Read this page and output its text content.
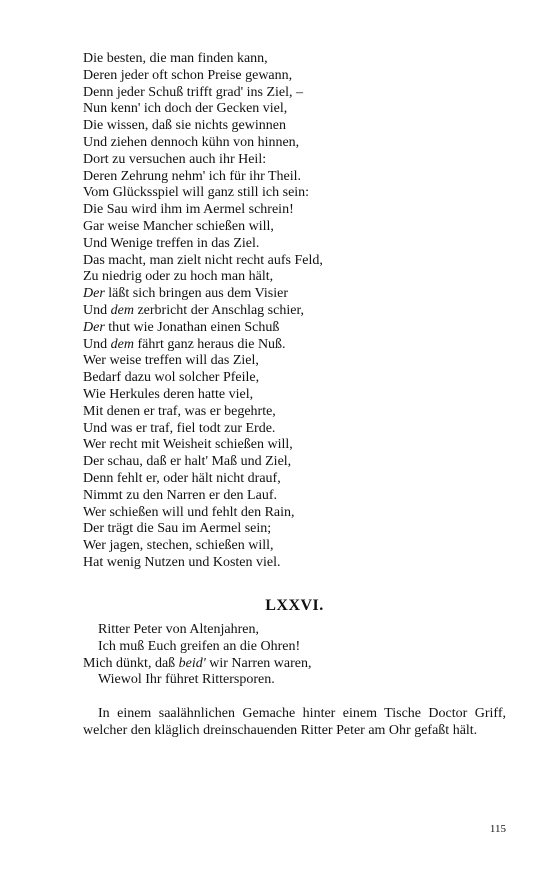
Die besten, die man finden kann,
Deren jeder oft schon Preise gewann,
Denn jeder Schuß trifft grad' ins Ziel, –
Nun kenn' ich doch der Gecken viel,
Die wissen, daß sie nichts gewinnen
Und ziehen dennoch kühn von hinnen,
Dort zu versuchen auch ihr Heil:
Deren Zehrung nehm' ich für ihr Theil.
Vom Glücksspiel will ganz still ich sein:
Die Sau wird ihm im Aermel schrein!
Gar weise Mancher schießen will,
Und Wenige treffen in das Ziel.
Das macht, man zielt nicht recht aufs Feld,
Zu niedrig oder zu hoch man hält,
Der läßt sich bringen aus dem Visier
Und dem zerbricht der Anschlag schier,
Der thut wie Jonathan einen Schuß
Und dem fährt ganz heraus die Nuß.
Wer weise treffen will das Ziel,
Bedarf dazu wol solcher Pfeile,
Wie Herkules deren hatte viel,
Mit denen er traf, was er begehrte,
Und was er traf, fiel todt zur Erde.
Wer recht mit Weisheit schießen will,
Der schau, daß er halt' Maß und Ziel,
Denn fehlt er, oder hält nicht drauf,
Nimmt zu den Narren er den Lauf.
Wer schießen will und fehlt den Rain,
Der trägt die Sau im Aermel sein;
Wer jagen, stechen, schießen will,
Hat wenig Nutzen und Kosten viel.
LXXVI.
Ritter Peter von Altenjahren,
Ich muß Euch greifen an die Ohren!
Mich dünkt, daß beid' wir Narren waren,
Wiewol Ihr führet Rittersporen.

In einem saalähnlichen Gemache hinter einem Tische Doctor Griff, welcher den kläglich dreinschauenden Ritter Peter am Ohr gefaßt hält.

115
